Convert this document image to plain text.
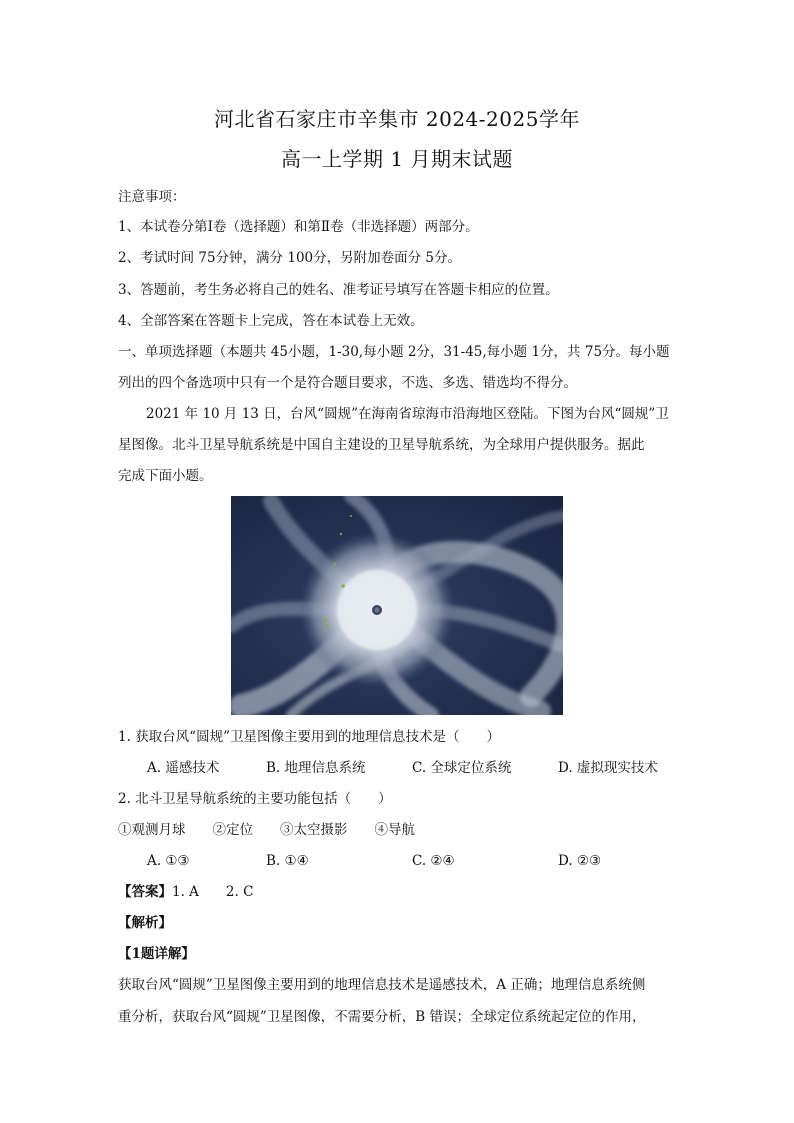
河北省石家庄市辛集市 2024-2025学年
高一上学期 1 月期末试题
注意事项：
1、本试卷分第Ⅰ卷（选择题）和第Ⅱ卷（非选择题）两部分。
2、考试时间 75分钟，满分 100分，另附加卷面分 5分。
3、答题前，考生务必将自己的姓名、准考证号填写在答题卡相应的位置。
4、全部答案在答题卡上完成，答在本试卷上无效。
一、单项选择题（本题共 45小题，1-30,每小题 2分，31-45,每小题 1分，共 75分。每小题
列出的四个备选项中只有一个是符合题目要求，不选、多选、错选均不得分。
2021 年 10 月 13 日，台风“圆规”在海南省琼海市沿海地区登陆。下图为台风“圆规”卫
星图像。北斗卫星导航系统是中国自主建设的卫星导航系统，为全球用户提供服务。据此
完成下面小题。
1. 获取台风“圆规”卫星图像主要用到的地理信息技术是（　　）
A. 遥感技术	B. 地理信息系统	C. 全球定位系统	D. 虚拟现实技术
2. 北斗卫星导航系统的主要功能包括（　　）
①观测月球　　②定位　　③太空摄影　　④导航
A. ①③	B. ①④	C. ②④	D. ②③
【答案】1. A　　2. C
【解析】
【1题详解】
获取台风“圆规”卫星图像主要用到的地理信息技术是遥感技术，A 正确；地理信息系统侧
重分析，获取台风“圆规”卫星图像，不需要分析，B 错误；全球定位系统起定位的作用，
